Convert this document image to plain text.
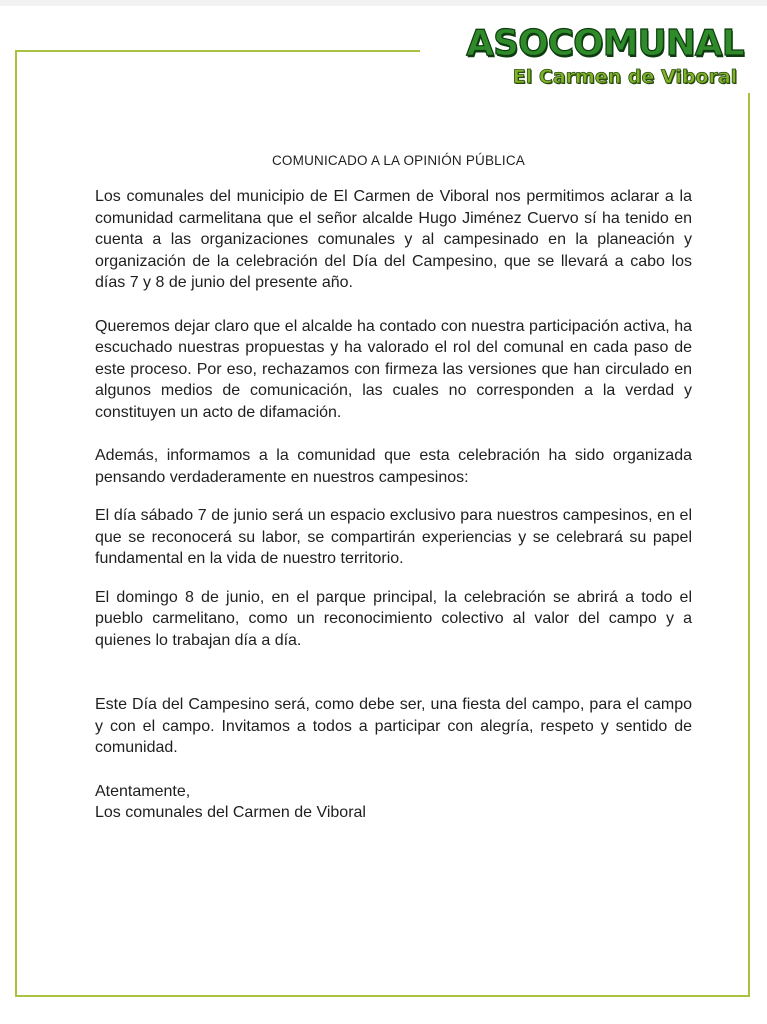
ASOCOMUNAL
El Carmen de Viboral
COMUNICADO A LA OPINIÓN PÚBLICA

Los comunales del municipio de El Carmen de Viboral nos permitimos aclarar a la comunidad carmelitana que el señor alcalde Hugo Jiménez Cuervo sí ha tenido en cuenta a las organizaciones comunales y al campesinado en la planeación y organización de la celebración del Día del Campesino, que se llevará a cabo los días 7 y 8 de junio del presente año.

Queremos dejar claro que el alcalde ha contado con nuestra participación activa, ha escuchado nuestras propuestas y ha valorado el rol del comunal en cada paso de este proceso. Por eso, rechazamos con firmeza las versiones que han circulado en algunos medios de comunicación, las cuales no corresponden a la verdad y constituyen un acto de difamación.

Además, informamos a la comunidad que esta celebración ha sido organizada pensando verdaderamente en nuestros campesinos:

El día sábado 7 de junio será un espacio exclusivo para nuestros campesinos, en el que se reconocerá su labor, se compartirán experiencias y se celebrará su papel fundamental en la vida de nuestro territorio.

El domingo 8 de junio, en el parque principal, la celebración se abrirá a todo el pueblo carmelitano, como un reconocimiento colectivo al valor del campo y a quienes lo trabajan día a día.

Este Día del Campesino será, como debe ser, una fiesta del campo, para el campo y con el campo. Invitamos a todos a participar con alegría, respeto y sentido de comunidad.

Atentamente,
Los comunales del Carmen de Viboral
